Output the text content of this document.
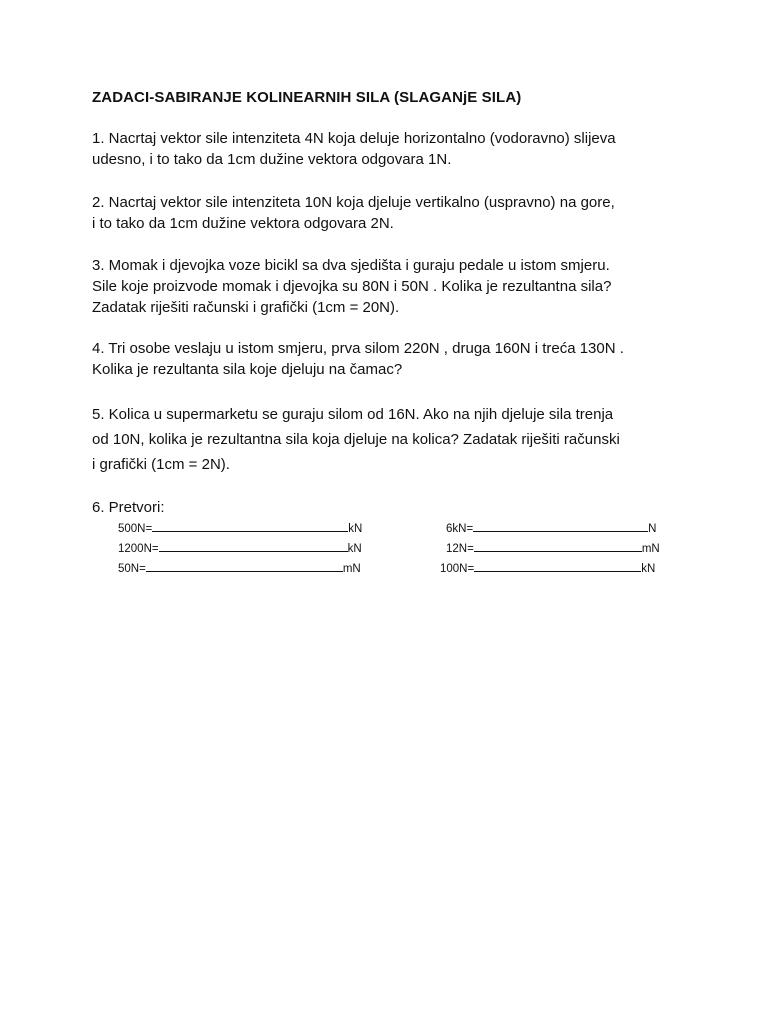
ZADACI-SABIRANJE KOLINEARNIH SILA (SLAGANjE SILA)
1. Nacrtaj vektor sile intenziteta 4N koja deluje horizontalno (vodoravno) slijeva
udesno, i to tako da 1cm dužine vektora odgovara 1N.
2. Nacrtaj vektor sile intenziteta 10N koja djeluje vertikalno (uspravno) na gore,
i to tako da 1cm dužine vektora odgovara 2N.
3. Momak i djevojka voze bicikl sa dva sjedišta i guraju pedale u istom smjeru.
Sile koje proizvode momak i djevojka su 80N i 50N . Kolika je rezultantna sila?
Zadatak riješiti računski i grafički (1cm = 20N).
4. Tri osobe veslaju u istom smjeru, prva silom 220N , druga 160N i treća 130N .
Kolika je rezultanta sila koje djeluju na čamac?
5. Kolica u supermarketu se guraju silom od 16N. Ako na njih djeluje sila trenja
od 10N, kolika je rezultantna sila koja djeluje na kolica? Zadatak riješiti računski
i grafički (1cm = 2N).
6. Pretvori:
500N=	kN
1200N=	kN
50N=	mN
6kN=	N
12N=	mN
100N=	kN
